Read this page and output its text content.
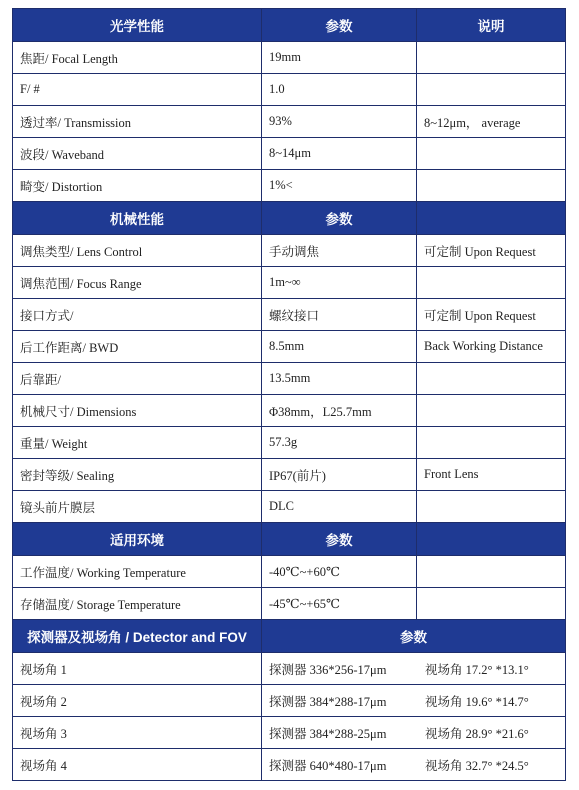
光学性能	参数	说明
焦距/ Focal Length	19mm	
F/ #	1.0	
透过率/ Transmission	93%	8~12μm， average
波段/ Waveband	8~14μm	
畸变/ Distortion	1%<	
机械性能	参数	
调焦类型/ Lens Control	手动调焦	可定制 Upon Request
调焦范围/ Focus Range	1m~∞	
接口方式/	螺纹接口	可定制 Upon Request
后工作距离/ BWD	8.5mm	Back Working Distance
后靠距/	13.5mm	
机械尺寸/ Dimensions	Φ38mm，L25.7mm	
重量/ Weight	57.3g	
密封等级/ Sealing	IP67(前片)	Front Lens
镜头前片膜层	DLC	
适用环境	参数	
工作温度/ Working Temperature	-40℃~+60℃	
存储温度/ Storage Temperature	-45℃~+65℃	
探测器及视场角 / Detector and FOV	参数	
视场角 1	探测器 336*256-17μm 视场角 17.2° *13.1°	

视场角 2	探测器 384*288-17μm 视场角 19.6° *14.7°	

视场角 3	探测器 384*288-25μm 视场角 28.9° *21.6°	

视场角 4	探测器 640*480-17μm 视场角 32.7° *24.5°	
